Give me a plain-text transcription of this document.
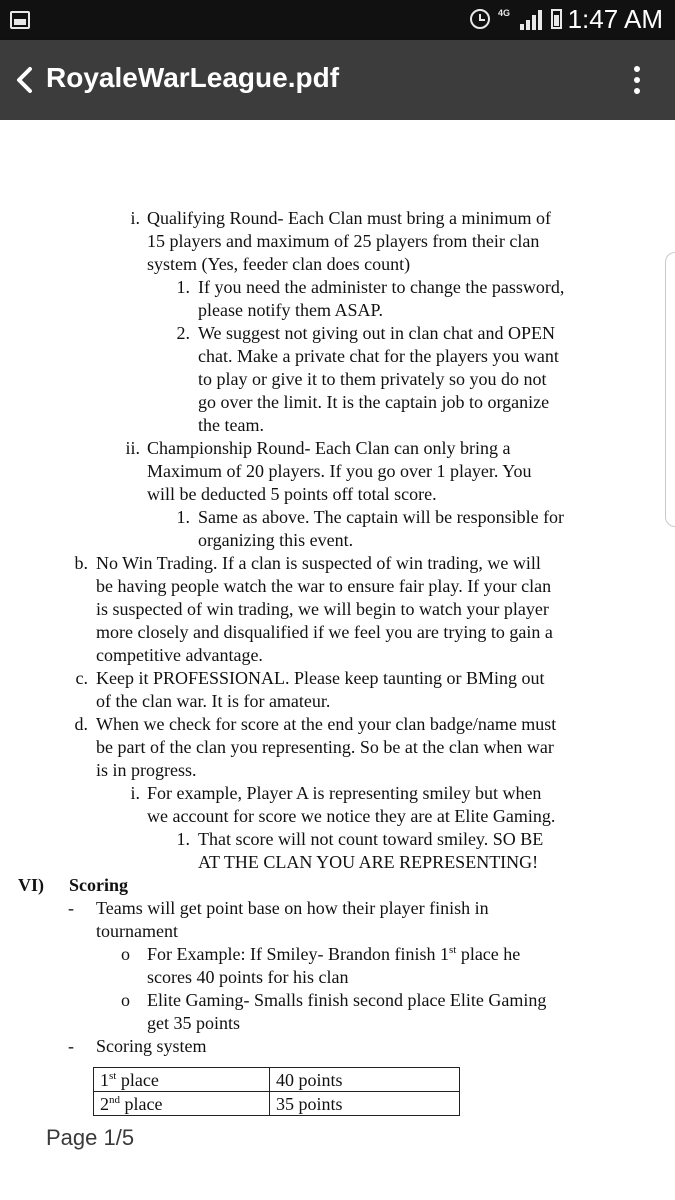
4G 1:47 AM
RoyaleWarLeague.pdf
i. Qualifying Round- Each Clan must bring a minimum of
15 players and maximum of 25 players from their clan
system (Yes, feeder clan does count)
1. If you need the administer to change the password,
please notify them ASAP.
2. We suggest not giving out in clan chat and OPEN
chat. Make a private chat for the players you want
to play or give it to them privately so you do not
go over the limit. It is the captain job to organize
the team.
ii. Championship Round- Each Clan can only bring a
Maximum of 20 players. If you go over 1 player. You
will be deducted 5 points off total score.
1. Same as above. The captain will be responsible for
organizing this event.
b. No Win Trading. If a clan is suspected of win trading, we will
be having people watch the war to ensure fair play. If your clan
is suspected of win trading, we will begin to watch your player
more closely and disqualified if we feel you are trying to gain a
competitive advantage.
c. Keep it PROFESSIONAL. Please keep taunting or BMing out
of the clan war. It is for amateur.
d. When we check for score at the end your clan badge/name must
be part of the clan you representing. So be at the clan when war
is in progress.
i. For example, Player A is representing smiley but when
we account for score we notice they are at Elite Gaming.
1. That score will not count toward smiley. SO BE
AT THE CLAN YOU ARE REPRESENTING!
VI) Scoring
- Teams will get point base on how their player finish in
tournament
o For Example: If Smiley- Brandon finish 1st place he
scores 40 points for his clan
o Elite Gaming- Smalls finish second place Elite Gaming
get 35 points
- Scoring system
1st place	40 points
2nd place	35 points
Page 1/5
